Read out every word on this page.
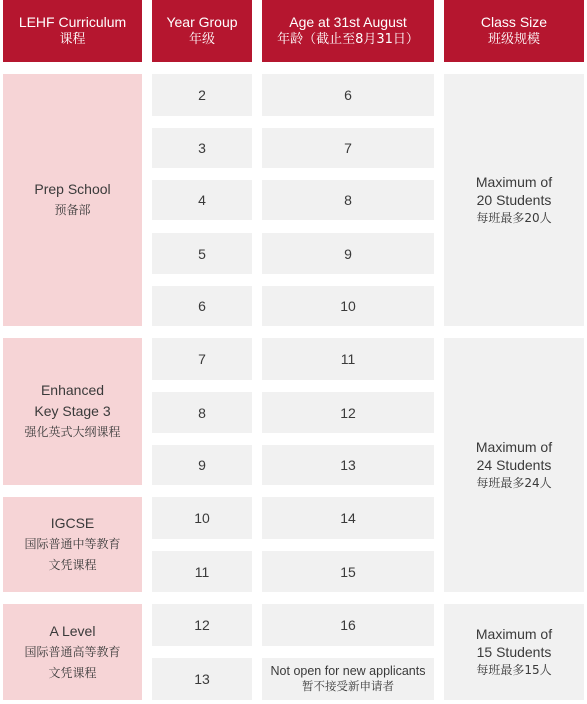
LEHF Curriculum
课程
Year Group
年级
Age at 31st August
年龄（截止至8月31日）
Class Size
班级规模
Prep School
预备部
Enhanced
Key Stage 3
强化英式大纲课程
IGCSE
国际普通中等教育
文凭课程
A Level
国际普通高等教育
文凭课程
2
3
4
5
6
7
8
9
10
11
12
13
6
7
8
9
10
11
12
13
14
15
16
Not open for new applicants
暂不接受新申请者
Maximum of
20 Students
每班最多20人
Maximum of
24 Students
每班最多24人
Maximum of
15 Students
每班最多15人
